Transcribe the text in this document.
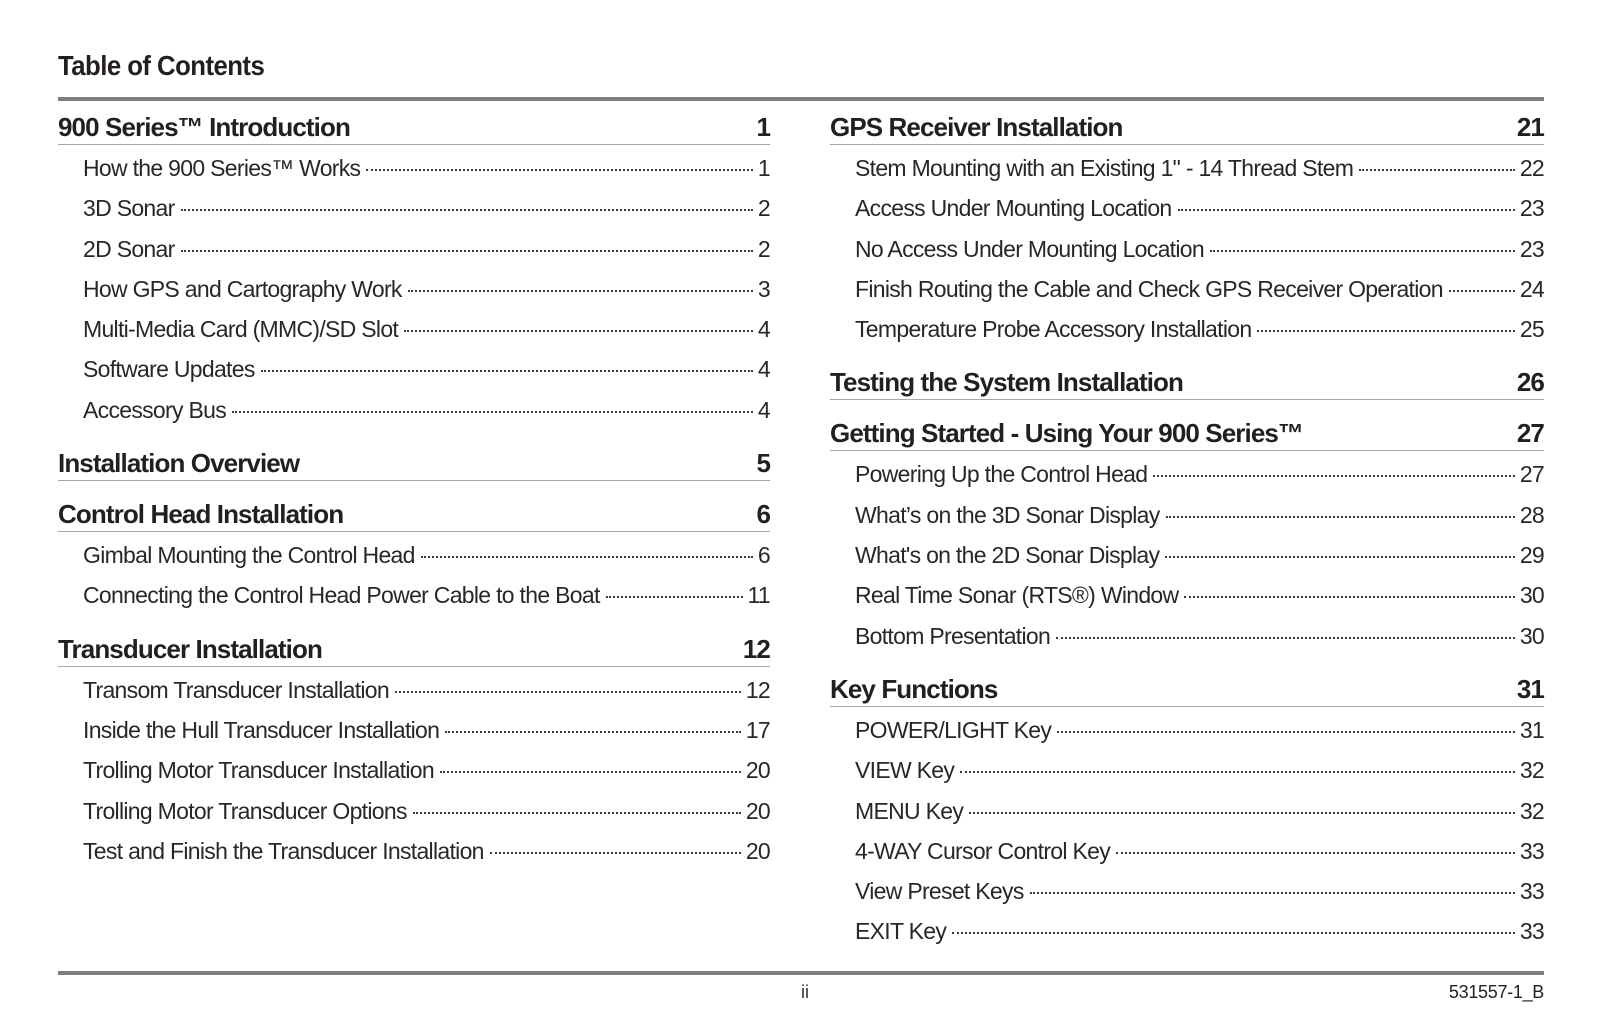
Table of Contents
900 Series™ Introduction	1
How the 900 Series™ Works	1
3D Sonar	2
2D Sonar	2
How GPS and Cartography Work	3
Multi-Media Card (MMC)/SD Slot	4
Software Updates	4
Accessory Bus	4
Installation Overview	5
Control Head Installation	6
Gimbal Mounting the Control Head	6
Connecting the Control Head Power Cable to the Boat	11
Transducer Installation	12
Transom Transducer Installation	12
Inside the Hull Transducer Installation	17
Trolling Motor Transducer Installation	20
Trolling Motor Transducer Options	20
Test and Finish the Transducer Installation	20
GPS Receiver Installation	21
Stem Mounting with an Existing 1" - 14 Thread Stem	22
Access Under Mounting Location	23
No Access Under Mounting Location	23
Finish Routing the Cable and Check GPS Receiver Operation	24
Temperature Probe Accessory Installation	25
Testing the System Installation	26
Getting Started - Using Your 900 Series™	27
Powering Up the Control Head	27
What’s on the 3D Sonar Display	28
What's on the 2D Sonar Display	29
Real Time Sonar (RTS®) Window	30
Bottom Presentation	30
Key Functions	31
POWER/LIGHT Key	31
VIEW Key	32
MENU Key	32
4-WAY Cursor Control Key	33
View Preset Keys	33
EXIT Key	33
ii	531557-1_B
